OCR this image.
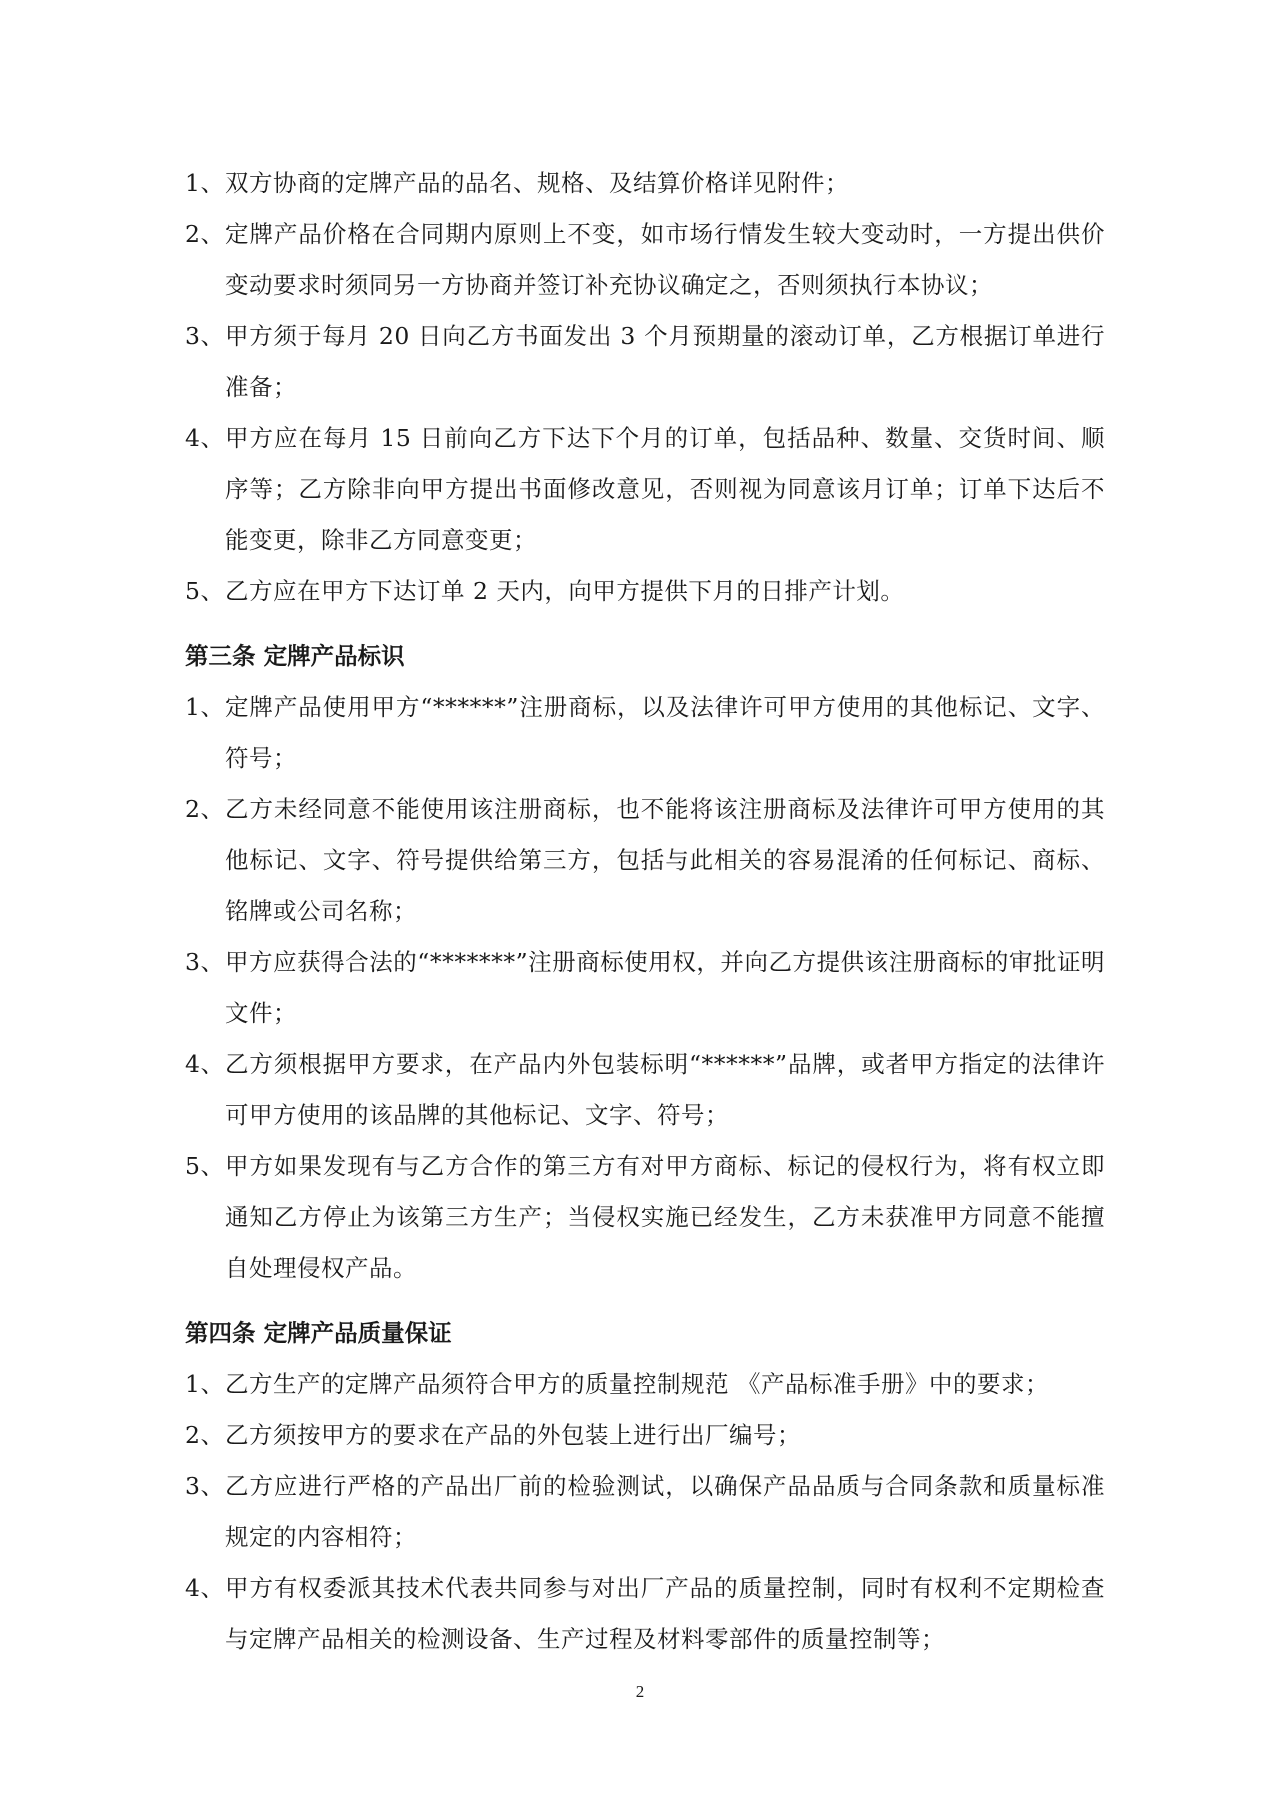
1、 双方协商的定牌产品的品名、规格、及结算价格详见附件；
2、 定牌产品价格在合同期内原则上不变，如市场行情发生较大变动时，一方提出供价变动要求时须同另一方协商并签订补充协议确定之，否则须执行本协议；
3、 甲方须于每月 20 日向乙方书面发出 3 个月预期量的滚动订单，乙方根据订单进行准备；
4、 甲方应在每月 15 日前向乙方下达下个月的订单，包括品种、数量、交货时间、顺序等；乙方除非向甲方提出书面修改意见，否则视为同意该月订单；订单下达后不能变更，除非乙方同意变更；
5、 乙方应在甲方下达订单 2 天内，向甲方提供下月的日排产计划。
第三条 定牌产品标识
1、 定牌产品使用甲方“******”注册商标，以及法律许可甲方使用的其他标记、文字、符号；
2、 乙方未经同意不能使用该注册商标，也不能将该注册商标及法律许可甲方使用的其他标记、文字、符号提供给第三方，包括与此相关的容易混淆的任何标记、商标、铭牌或公司名称；
3、 甲方应获得合法的“*******”注册商标使用权，并向乙方提供该注册商标的审批证明文件；
4、 乙方须根据甲方要求，在产品内外包装标明“******”品牌，或者甲方指定的法律许可甲方使用的该品牌的其他标记、文字、符号；
5、 甲方如果发现有与乙方合作的第三方有对甲方商标、标记的侵权行为，将有权立即通知乙方停止为该第三方生产；当侵权实施已经发生，乙方未获准甲方同意不能擅自处理侵权产品。
第四条 定牌产品质量保证
1、 乙方生产的定牌产品须符合甲方的质量控制规范 《产品标准手册》中的要求；
2、 乙方须按甲方的要求在产品的外包装上进行出厂编号；
3、 乙方应进行严格的产品出厂前的检验测试，以确保产品品质与合同条款和质量标准规定的内容相符；
4、 甲方有权委派其技术代表共同参与对出厂产品的质量控制，同时有权利不定期检查与定牌产品相关的检测设备、生产过程及材料零部件的质量控制等；
2
